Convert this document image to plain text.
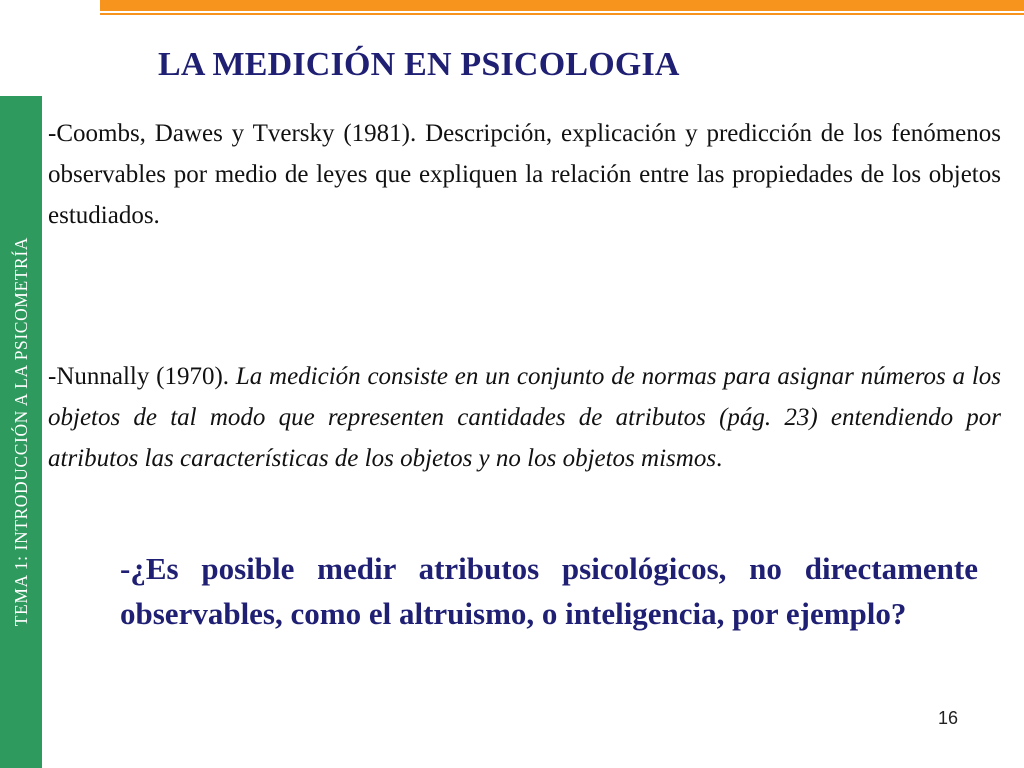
TEMA 1: INTRODUCCIÓN A LA PSICOMETRÍA
LA MEDICIÓN EN PSICOLOGIA

-Coombs, Dawes y Tversky (1981). Descripción, explicación y predicción de los fenómenos observables por medio de leyes que expliquen la relación entre las propiedades de los objetos estudiados.

-Nunnally (1970). La medición consiste en un conjunto de normas para asignar números a los objetos de tal modo que representen cantidades de atributos (pág. 23) entendiendo por atributos las características de los objetos y no los objetos mismos.

-¿Es posible medir atributos psicológicos, no directamente observables, como el altruismo, o inteligencia, por ejemplo?

16
